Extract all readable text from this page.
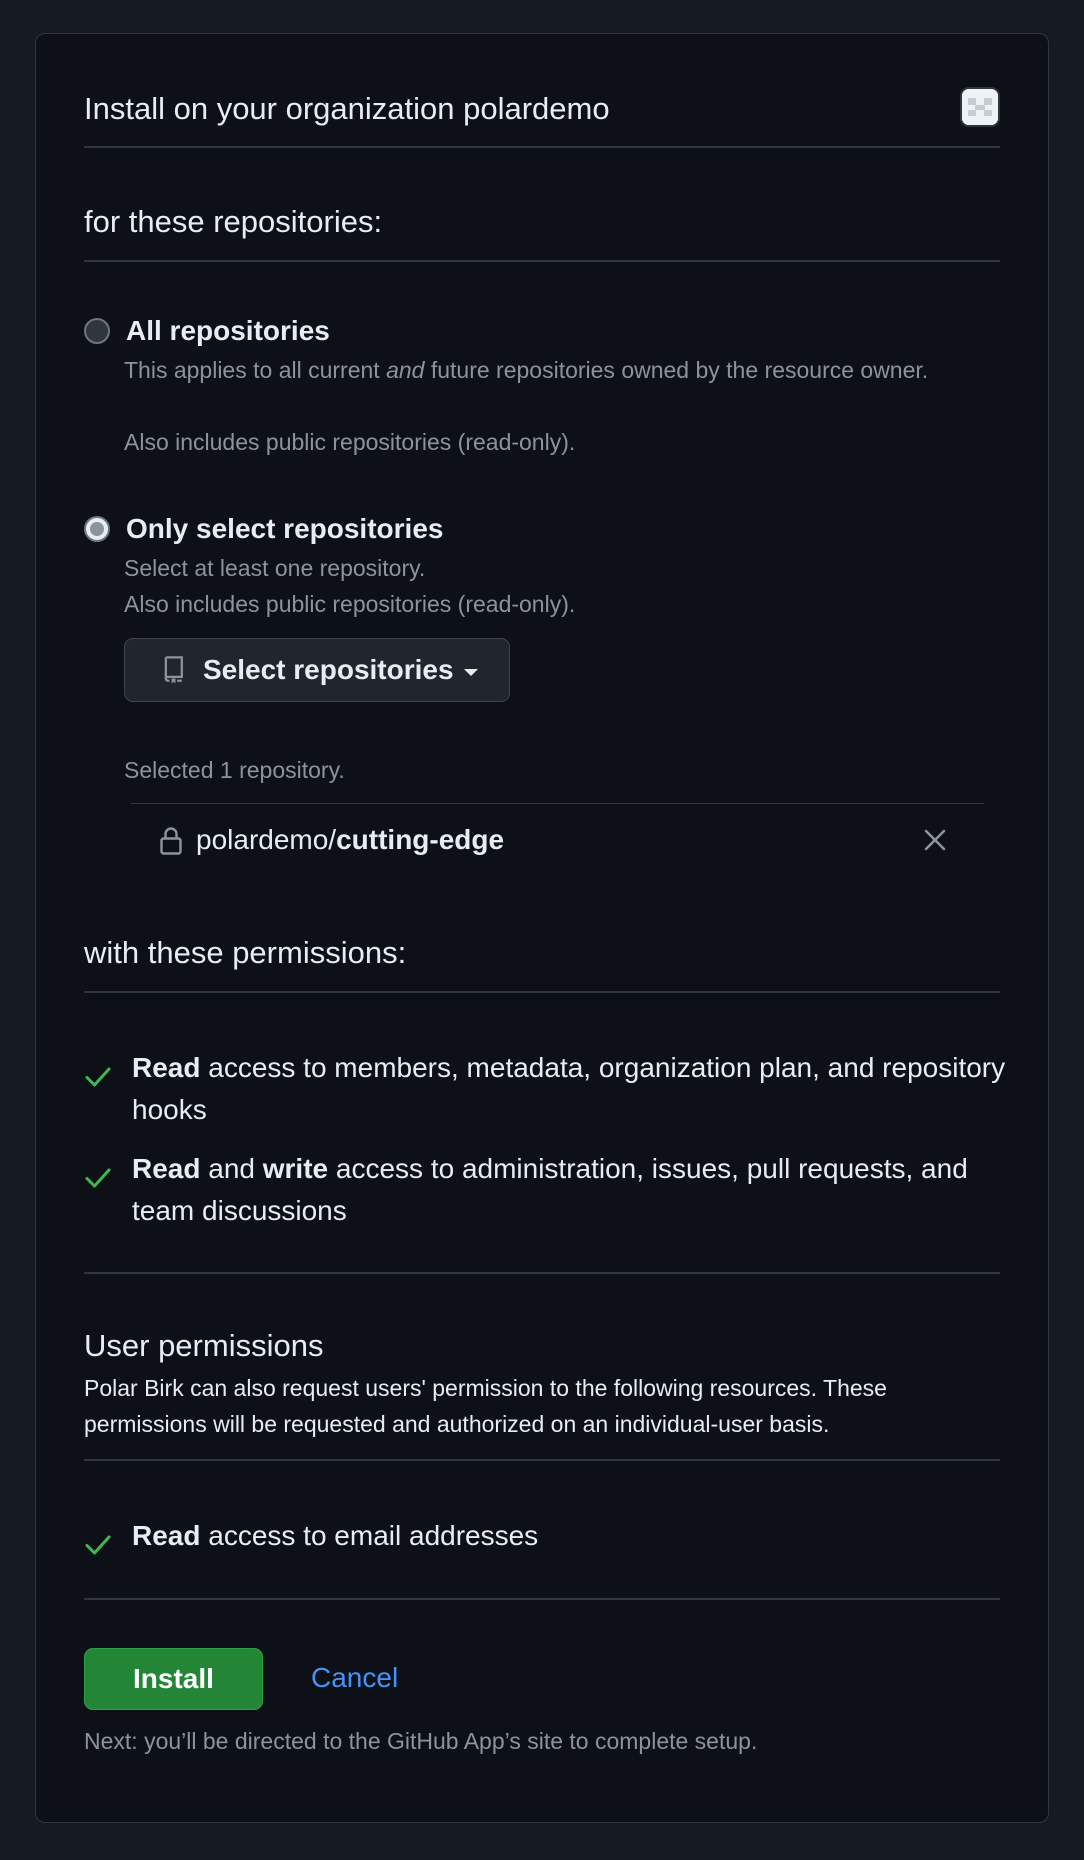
Install on your organization polardemo
for these repositories:
All repositories
This applies to all current and future repositories owned by the resource owner.
Also includes public repositories (read-only).
Only select repositories
Select at least one repository.
Also includes public repositories (read-only).
Select repositories
Selected 1 repository.
polardemo/cutting-edge
with these permissions:
Read access to members, metadata, organization plan, and repository hooks
Read and write access to administration, issues, pull requests, and team discussions
User permissions
Polar Birk can also request users' permission to the following resources. These permissions will be requested and authorized on an individual-user basis.
Read access to email addresses
Install	Cancel
Next: you’ll be directed to the GitHub App’s site to complete setup.
